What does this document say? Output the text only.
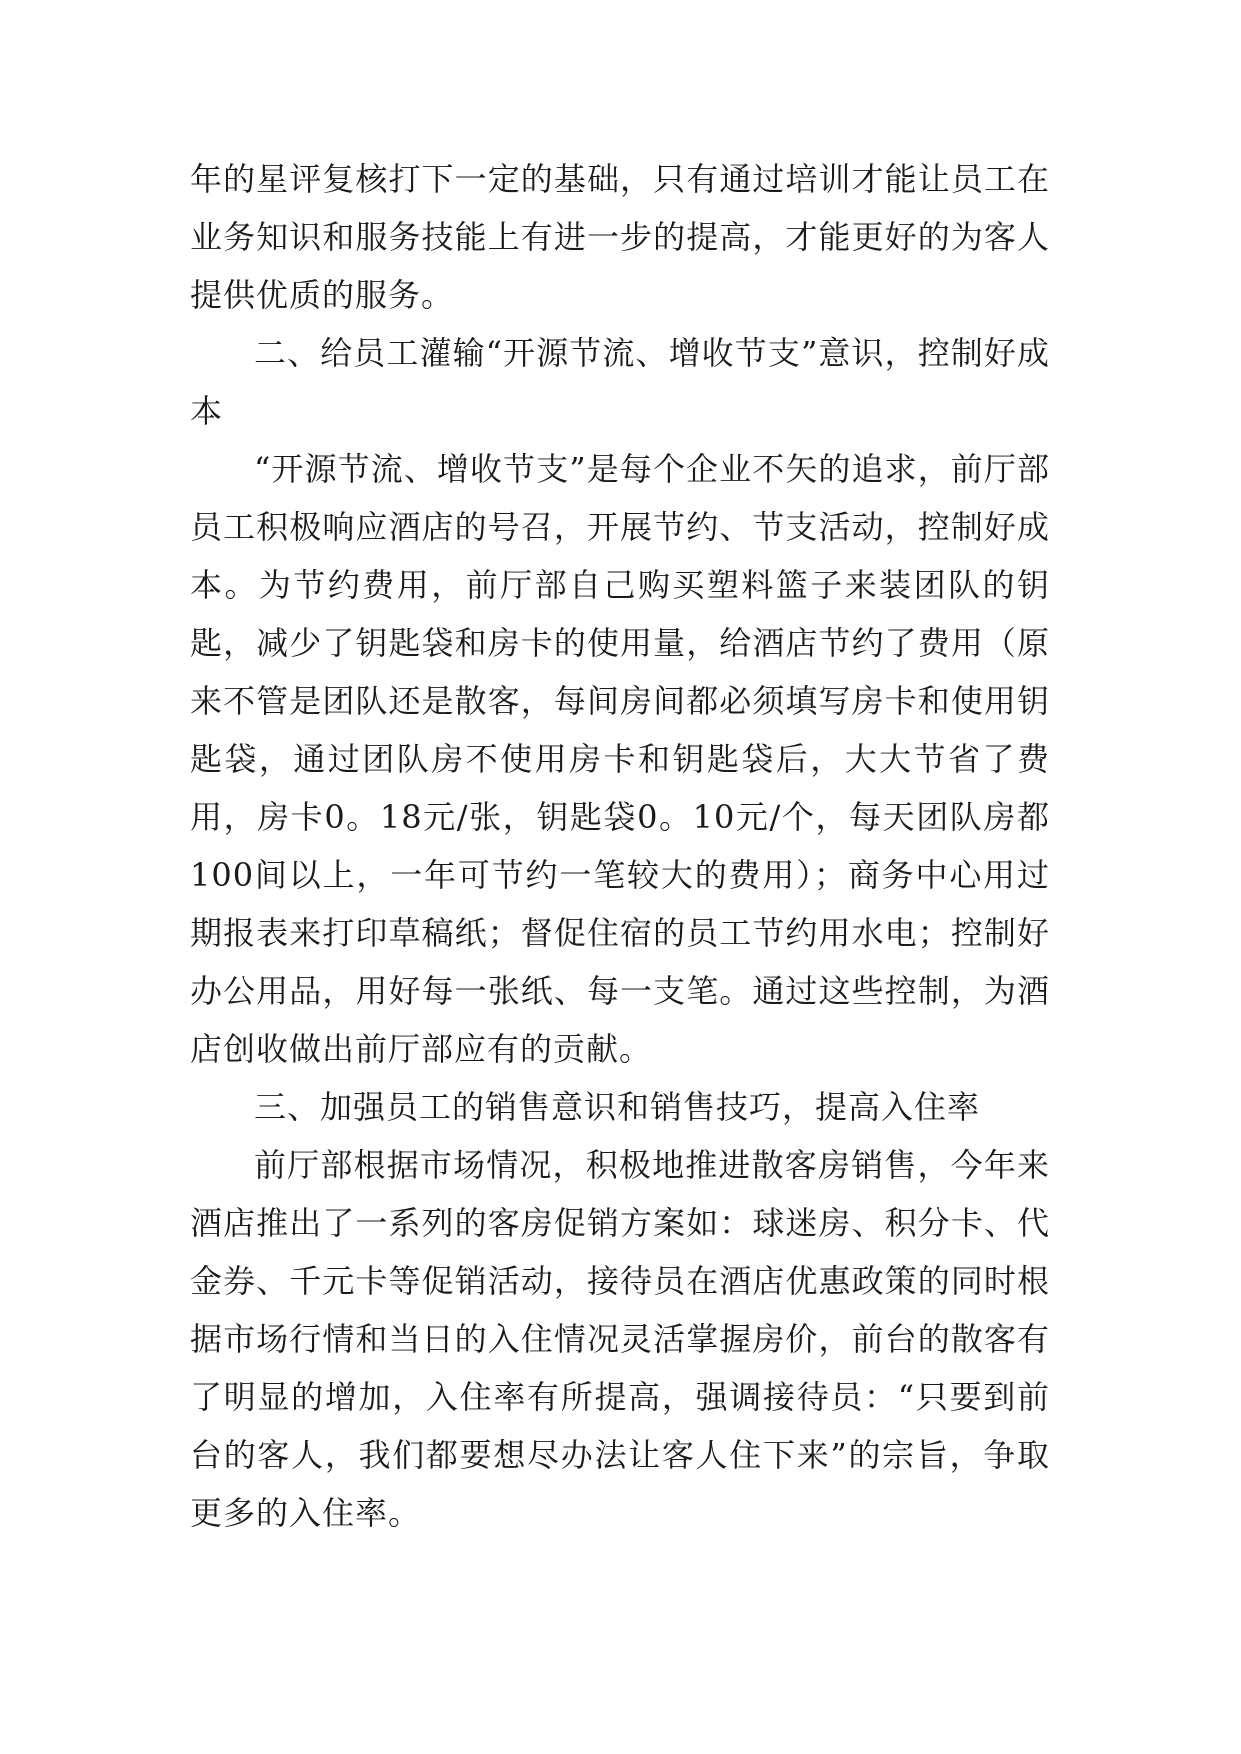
年的星评复核打下一定的基础，只有通过培训才能让员工在业务知识和服务技能上有进一步的提高，才能更好的为客人提供优质的服务。

二、给员工灌输“开源节流、增收节支”意识，控制好成本

“开源节流、增收节支”是每个企业不矢的追求，前厅部员工积极响应酒店的号召，开展节约、节支活动，控制好成本。为节约费用，前厅部自己购买塑料篮子来装团队的钥匙，减少了钥匙袋和房卡的使用量，给酒店节约了费用（原来不管是团队还是散客，每间房间都必须填写房卡和使用钥匙袋，通过团队房不使用房卡和钥匙袋后，大大节省了费用，房卡0。18元/张，钥匙袋0。10元/个，每天团队房都100间以上，一年可节约一笔较大的费用）；商务中心用过期报表来打印草稿纸；督促住宿的员工节约用水电；控制好办公用品，用好每一张纸、每一支笔。通过这些控制，为酒店创收做出前厅部应有的贡献。

三、加强员工的销售意识和销售技巧，提高入住率

前厅部根据市场情况，积极地推进散客房销售，今年来酒店推出了一系列的客房促销方案如：球迷房、积分卡、代金券、千元卡等促销活动，接待员在酒店优惠政策的同时根据市场行情和当日的入住情况灵活掌握房价，前台的散客有了明显的增加，入住率有所提高，强调接待员：“只要到前台的客人，我们都要想尽办法让客人住下来”的宗旨，争取更多的入住率。
